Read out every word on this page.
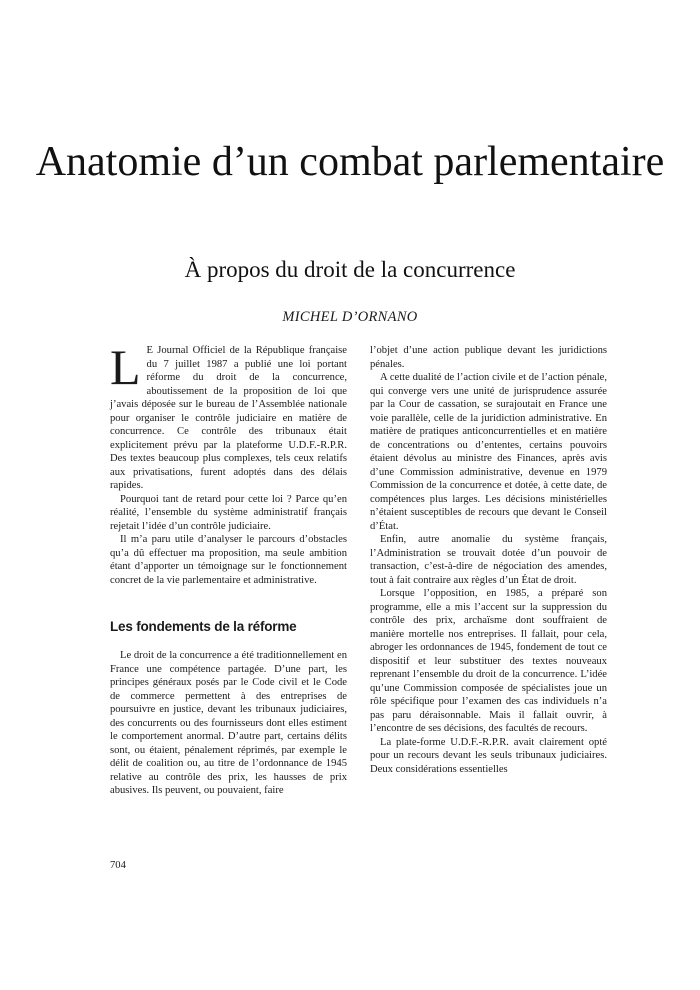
Anatomie d’un combat parlementaire
À propos du droit de la concurrence
MICHEL D’ORNANO

L E Journal Officiel de la République française du 7 juillet 1987 a publié une loi portant réforme du droit de la concurrence, aboutissement de la proposition de loi que j’avais déposée sur le bureau de l’Assemblée nationale pour organiser le contrôle judiciaire en matière de concurrence. Ce contrôle des tribunaux était explicitement prévu par la plateforme U.D.F.-R.P.R. Des textes beaucoup plus complexes, tels ceux relatifs aux privatisations, furent adoptés dans des délais rapides.

Pourquoi tant de retard pour cette loi ? Parce qu’en réalité, l’ensemble du système administratif français rejetait l’idée d’un contrôle judiciaire.

Il m’a paru utile d’analyser le parcours d’obstacles qu’a dû effectuer ma proposition, ma seule ambition étant d’apporter un témoignage sur le fonctionnement concret de la vie parlementaire et administrative.

Les fondements de la réforme

Le droit de la concurrence a été traditionnellement en France une compétence partagée. D’une part, les principes généraux posés par le Code civil et le Code de commerce permettent à des entreprises de poursuivre en justice, devant les tribunaux judiciaires, des concurrents ou des fournisseurs dont elles estiment le comportement anormal. D’autre part, certains délits sont, ou étaient, pénalement réprimés, par exemple le délit de coalition ou, au titre de l’ordonnance de 1945 relative au contrôle des prix, les hausses de prix abusives. Ils peuvent, ou pouvaient, faire

l’objet d’une action publique devant les juridictions pénales.

A cette dualité de l’action civile et de l’action pénale, qui converge vers une unité de jurisprudence assurée par la Cour de cassation, se surajoutait en France une voie parallèle, celle de la juridiction administrative. En matière de pratiques anticoncurrentielles et en matière de concentrations ou d’ententes, certains pouvoirs étaient dévolus au ministre des Finances, après avis d’une Commission administrative, devenue en 1979 Commission de la concurrence et dotée, à cette date, de compétences plus larges. Les décisions ministérielles n’étaient susceptibles de recours que devant le Conseil d’État.

Enfin, autre anomalie du système français, l’Administration se trouvait dotée d’un pouvoir de transaction, c’est-à-dire de négociation des amendes, tout à fait contraire aux règles d’un État de droit.

Lorsque l’opposition, en 1985, a préparé son programme, elle a mis l’accent sur la suppression du contrôle des prix, archaïsme dont souffraient de manière mortelle nos entreprises. Il fallait, pour cela, abroger les ordonnances de 1945, fondement de tout ce dispositif et leur substituer des textes nouveaux reprenant l’ensemble du droit de la concurrence. L’idée qu’une Commission composée de spécialistes joue un rôle spécifique pour l’examen des cas individuels n’a pas paru déraisonnable. Mais il fallait ouvrir, à l’encontre de ses décisions, des facultés de recours.

La plate-forme U.D.F.-R.P.R. avait clairement opté pour un recours devant les seuls tribunaux judiciaires. Deux considérations essentielles

704
